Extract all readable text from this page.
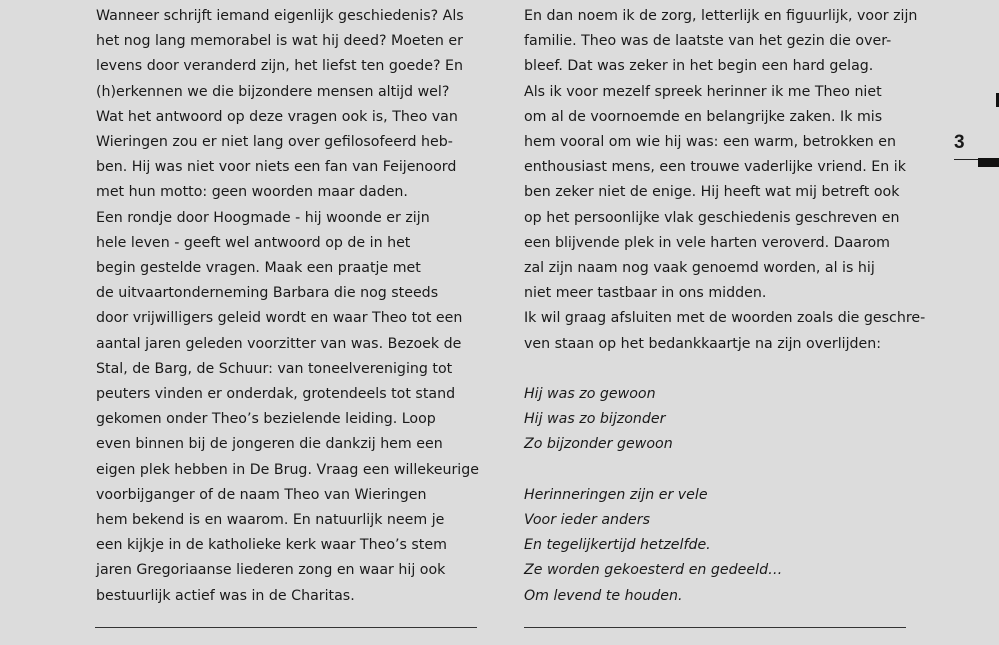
Wanneer schrijft iemand eigenlijk geschiedenis? Als
het nog lang memorabel is wat hij deed? Moeten er
levens door veranderd zijn, het liefst ten goede? En
(h)erkennen we die bijzondere mensen altijd wel?
Wat het antwoord op deze vragen ook is, Theo van
Wieringen zou er niet lang over gefilosofeerd heb-
ben. Hij was niet voor niets een fan van Feijenoord
met hun motto: geen woorden maar daden.
Een rondje door Hoogmade - hij woonde er zijn
hele leven - geeft wel antwoord op de in het
begin gestelde vragen. Maak een praatje met
de uitvaartonderneming Barbara die nog steeds
door vrijwilligers geleid wordt en waar Theo tot een
aantal jaren geleden voorzitter van was. Bezoek de
Stal, de Barg, de Schuur: van toneelvereniging tot
peuters vinden er onderdak, grotendeels tot stand
gekomen onder Theo’s bezielende leiding. Loop
even binnen bij de jongeren die dankzij hem een
eigen plek hebben in De Brug. Vraag een willekeurige
voorbijganger of de naam Theo van Wieringen
hem bekend is en waarom. En natuurlijk neem je
een kijkje in de katholieke kerk waar Theo’s stem
jaren Gregoriaanse liederen zong en waar hij ook
bestuurlijk actief was in de Charitas.
En dan noem ik de zorg, letterlijk en figuurlijk, voor zijn
familie. Theo was de laatste van het gezin die over-
bleef. Dat was zeker in het begin een hard gelag.
Als ik voor mezelf spreek herinner ik me Theo niet
om al de voornoemde en belangrijke zaken. Ik mis
hem vooral om wie hij was: een warm, betrokken en
enthousiast mens, een trouwe vaderlijke vriend. En ik
ben zeker niet de enige. Hij heeft wat mij betreft ook
op het persoonlijke vlak geschiedenis geschreven en
een blijvende plek in vele harten veroverd. Daarom
zal zijn naam nog vaak genoemd worden, al is hij
niet meer tastbaar in ons midden.
Ik wil graag afsluiten met de woorden zoals die geschre-
ven staan op het bedankkaartje na zijn overlijden:
Hij was zo gewoon
Hij was zo bijzonder
Zo bijzonder gewoon
Herinneringen zijn er vele
Voor ieder anders
En tegelijkertijd hetzelfde.
Ze worden gekoesterd en gedeeld…
Om levend te houden.
3
